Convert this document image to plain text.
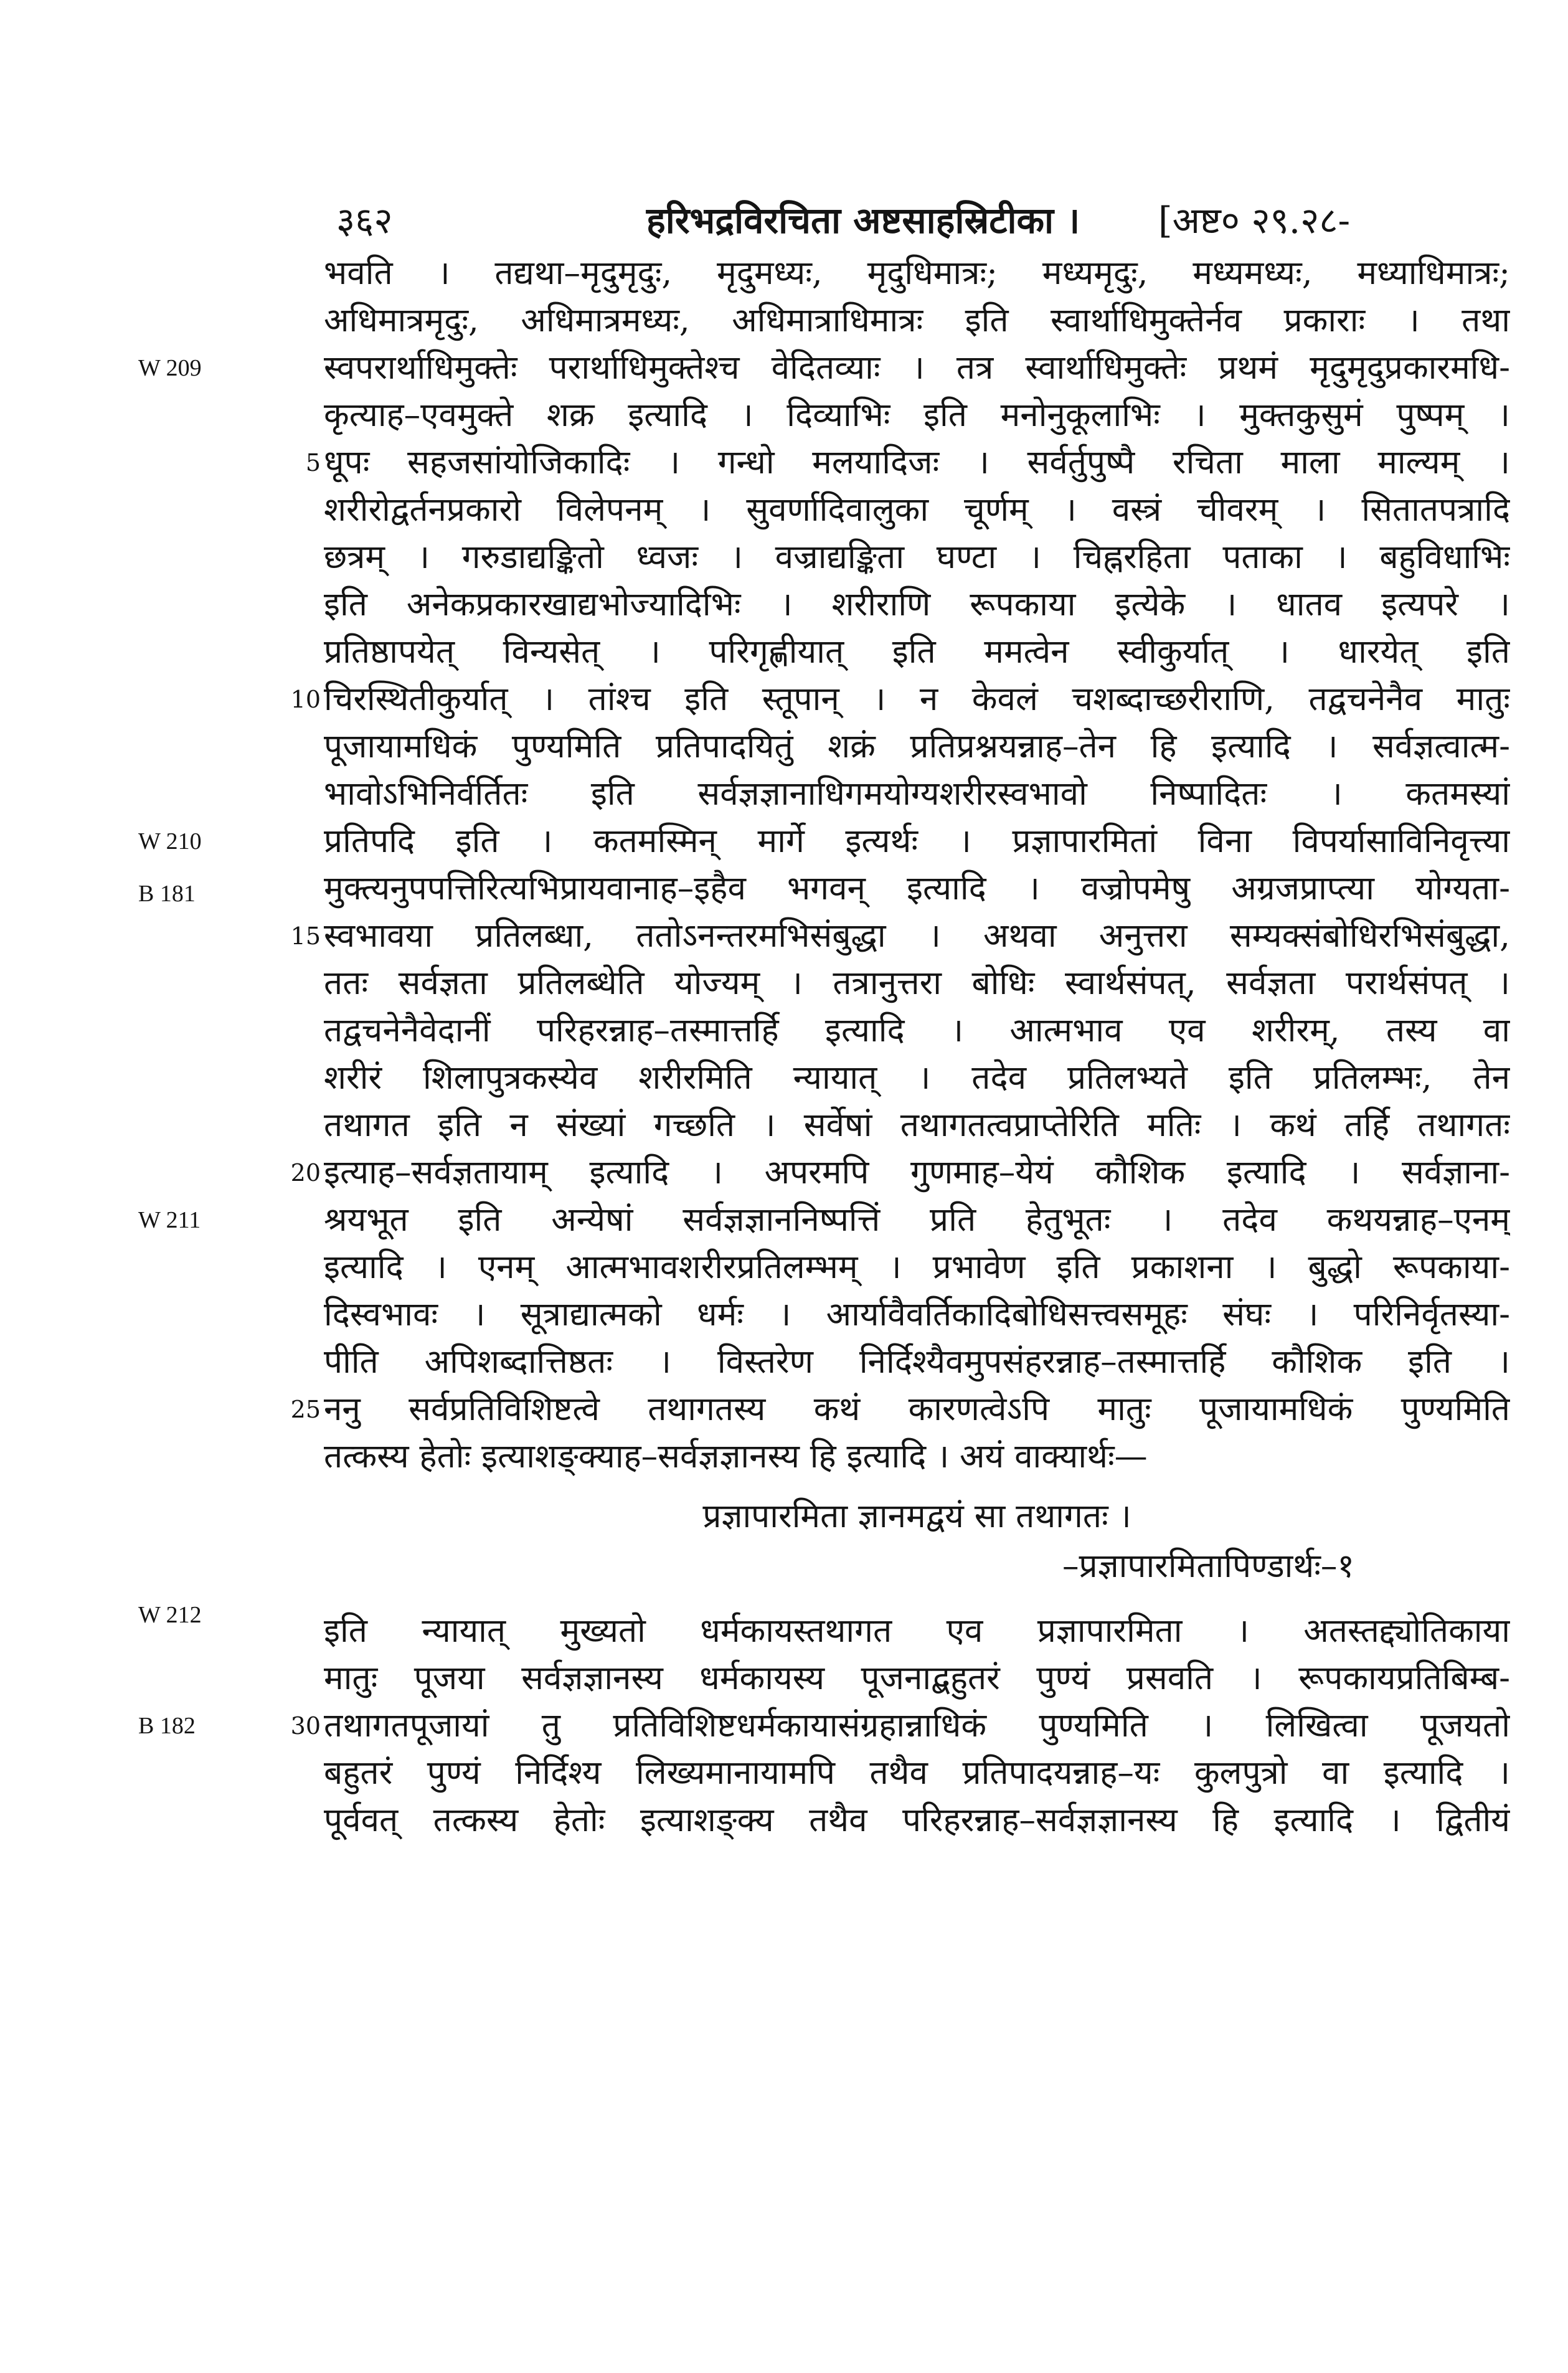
३६२	हरिभद्रविरचिता अष्टसाहस्रिटीका । [अष्ट० २९.२८-
भवति । तद्यथा–मृदुमृदुः, मृदुमध्यः, मृदुधिमात्रः; मध्यमृदुः, मध्यमध्यः, मध्याधिमात्रः;
अधिमात्रमृदुः, अधिमात्रमध्यः, अधिमात्राधिमात्रः इति स्वार्थाधिमुक्तेर्नव प्रकाराः । तथा
स्वपरार्थाधिमुक्तेः परार्थाधिमुक्तेश्च वेदितव्याः । तत्र स्वार्थाधिमुक्तेः प्रथमं मृदुमृदुप्रकारमधि-
कृत्याह–एवमुक्ते शक्र इत्यादि । दिव्याभिः इति मनोनुकूलाभिः । मुक्तकुसुमं पुष्पम् ।
धूपः सहजसांयोजिकादिः । गन्धो मलयादिजः । सर्वर्तुपुष्पै रचिता माला माल्यम् ।
शरीरोद्वर्तनप्रकारो विलेपनम् । सुवर्णादिवालुका चूर्णम् । वस्त्रं चीवरम् । सितातपत्रादि
छत्रम् । गरुडाद्यङ्कितो ध्वजः । वज्राद्यङ्किता घण्टा । चिह्नरहिता पताका । बहुविधाभिः
इति अनेकप्रकारखाद्यभोज्यादिभिः । शरीराणि रूपकाया इत्येके । धातव इत्यपरे ।
प्रतिष्ठापयेत् विन्यसेत् । परिगृह्णीयात् इति ममत्वेन स्वीकुर्यात् । धारयेत् इति
चिरस्थितीकुर्यात् । तांश्च इति स्तूपान् । न केवलं चशब्दाच्छरीराणि, तद्वचनेनैव मातुः
पूजायामधिकं पुण्यमिति प्रतिपादयितुं शक्रं प्रतिप्रश्नयन्नाह–तेन हि इत्यादि । सर्वज्ञत्वात्म-
भावोऽभिनिर्वर्तितः इति सर्वज्ञज्ञानाधिगमयोग्यशरीरस्वभावो निष्पादितः । कतमस्यां
प्रतिपदि इति । कतमस्मिन् मार्गे इत्यर्थः । प्रज्ञापारमितां विना विपर्यासाविनिवृत्त्या
मुक्त्यनुपपत्तिरित्यभिप्रायवानाह–इहैव भगवन् इत्यादि । वज्रोपमेषु अग्रजप्राप्त्या योग्यता-
स्वभावया प्रतिलब्धा, ततोऽनन्तरमभिसंबुद्धा । अथवा अनुत्तरा सम्यक्संबोधिरभिसंबुद्धा,
ततः सर्वज्ञता प्रतिलब्धेति योज्यम् । तत्रानुत्तरा बोधिः स्वार्थसंपत्, सर्वज्ञता परार्थसंपत् ।
तद्वचनेनैवेदानीं परिहरन्नाह–तस्मात्तर्हि इत्यादि । आत्मभाव एव शरीरम्, तस्य वा
शरीरं शिलापुत्रकस्येव शरीरमिति न्यायात् । तदेव प्रतिलभ्यते इति प्रतिलम्भः, तेन
तथागत इति न संख्यां गच्छति । सर्वेषां तथागतत्वप्राप्तेरिति मतिः । कथं तर्हि तथागतः
इत्याह–सर्वज्ञतायाम् इत्यादि । अपरमपि गुणमाह–येयं कौशिक इत्यादि । सर्वज्ञाना-
श्रयभूत इति अन्येषां सर्वज्ञज्ञाननिष्पत्तिं प्रति हेतुभूतः । तदेव कथयन्नाह–एनम्
इत्यादि । एनम् आत्मभावशरीरप्रतिलम्भम् । प्रभावेण इति प्रकाशना । बुद्धो रूपकाया-
दिस्वभावः । सूत्राद्यात्मको धर्मः । आर्यावैवर्तिकादिबोधिसत्त्वसमूहः संघः । परिनिर्वृतस्या-
पीति अपिशब्दात्तिष्ठतः । विस्तरेण निर्दिश्यैवमुपसंहरन्नाह–तस्मात्तर्हि कौशिक इति ।
ननु सर्वप्रतिविशिष्टत्वे तथागतस्य कथं कारणत्वेऽपि मातुः पूजायामधिकं पुण्यमिति
तत्कस्य हेतोः इत्याशङ्क्याह–सर्वज्ञज्ञानस्य हि इत्यादि । अयं वाक्यार्थः—
प्रज्ञापारमिता ज्ञानमद्वयं सा तथागतः ।
–प्रज्ञापारमितापिण्डार्थः–१
इति न्यायात् मुख्यतो धर्मकायस्तथागत एव प्रज्ञापारमिता । अतस्तद्द्योतिकाया
मातुः पूजया सर्वज्ञज्ञानस्य धर्मकायस्य पूजनाद्बहुतरं पुण्यं प्रसवति । रूपकायप्रतिबिम्ब-
तथागतपूजायां तु प्रतिविशिष्टधर्मकायासंग्रहान्नाधिकं पुण्यमिति । लिखित्वा पूजयतो
बहुतरं पुण्यं निर्दिश्य लिख्यमानायामपि तथैव प्रतिपादयन्नाह–यः कुलपुत्रो वा इत्यादि ।
पूर्ववत् तत्कस्य हेतोः इत्याशङ्क्य तथैव परिहरन्नाह–सर्वज्ञज्ञानस्य हि इत्यादि । द्वितीयं
5
10
15
20
25
30
W 209
W 210
B 181
W 211
W 212
B 182
